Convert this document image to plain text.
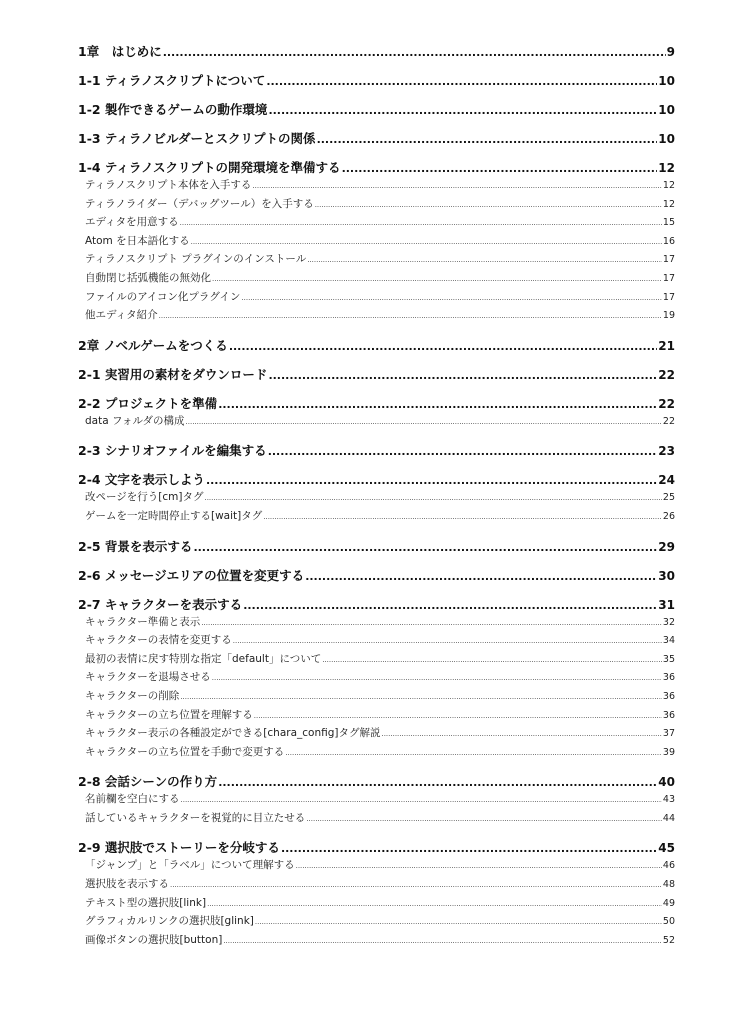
1章　はじめに .....	9
1-1 ティラノスクリプトについて .....	10
1-2 製作できるゲームの動作環境 .....	10
1-3 ティラノビルダーとスクリプトの関係 .....	10
1-4 ティラノスクリプトの開発環境を準備する .....	12
ティラノスクリプト本体を入手する .....	12
ティラノライダー（デバッグツール）を入手する .....	12
エディタを用意する .....	15
Atom を日本語化する .....	16
ティラノスクリプト プラグインのインストール .....	17
自動閉じ括弧機能の無効化 .....	17
ファイルのアイコン化プラグイン .....	17
他エディタ紹介 .....	19
2章 ノベルゲームをつくる .....	21
2-1 実習用の素材をダウンロード .....	22
2-2 プロジェクトを準備 .....	22
data フォルダの構成 .....	22
2-3 シナリオファイルを編集する .....	23
2-4 文字を表示しよう .....	24
改ページを行う[cm]タグ .....	25
ゲームを一定時間停止する[wait]タグ .....	26
2-5 背景を表示する .....	29
2-6 メッセージエリアの位置を変更する .....	30
2-7 キャラクターを表示する .....	31
キャラクター準備と表示 .....	32
キャラクターの表情を変更する .....	34
最初の表情に戻す特別な指定「default」について .....	35
キャラクターを退場させる .....	36
キャラクターの削除 .....	36
キャラクターの立ち位置を理解する .....	36
キャラクター表示の各種設定ができる[chara_config]タグ解説 .....	37
キャラクターの立ち位置を手動で変更する .....	39
2-8 会話シーンの作り方 .....	40
名前欄を空白にする .....	43
話しているキャラクターを視覚的に目立たせる .....	44
2-9 選択肢でストーリーを分岐する .....	45
「ジャンプ」と「ラベル」について理解する .....	46
選択肢を表示する .....	48
テキスト型の選択肢[link] .....	49
グラフィカルリンクの選択肢[glink] .....	50
画像ボタンの選択肢[button] .....	52
